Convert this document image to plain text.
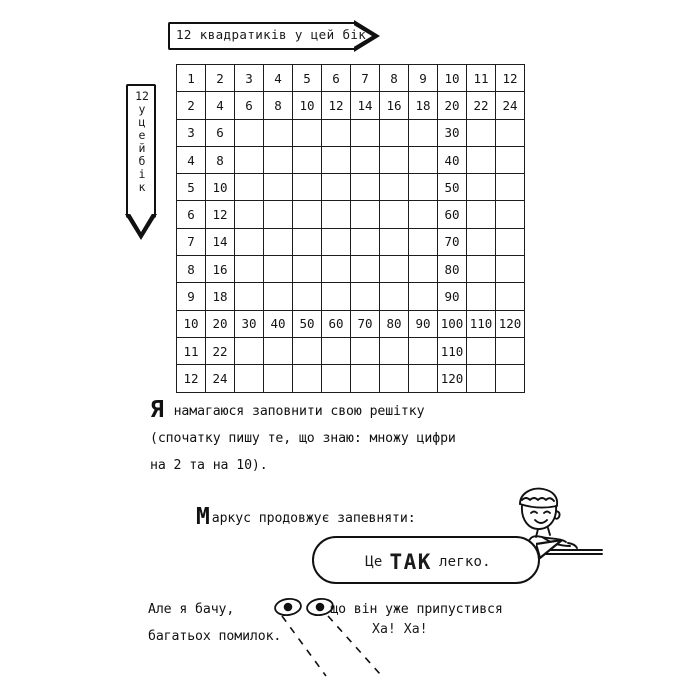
12 квадратиків у цей бік
12
у
ц
е
й
б
і
к
1	2	3	4	5	6	7	8	9	10	11	12
2	4	6	8	10	12	14	16	18	20	22	24
3	6								30		
4	8								40		
5	10								50		
6	12								60		
7	14								70		
8	16								80		
9	18								90		
10	20	30	40	50	60	70	80	90	100	110	120
11	22								110		
12	24								120		
Я намагаюся заповнити свою решітку
(спочатку пишу те, що знаю: множу цифри
на 2 та на 10).
Маркус продовжує запевняти:
Це ТАК легко.
Але я бачу,	що він уже припустився
багатьох помилок.	Ха! Ха!
